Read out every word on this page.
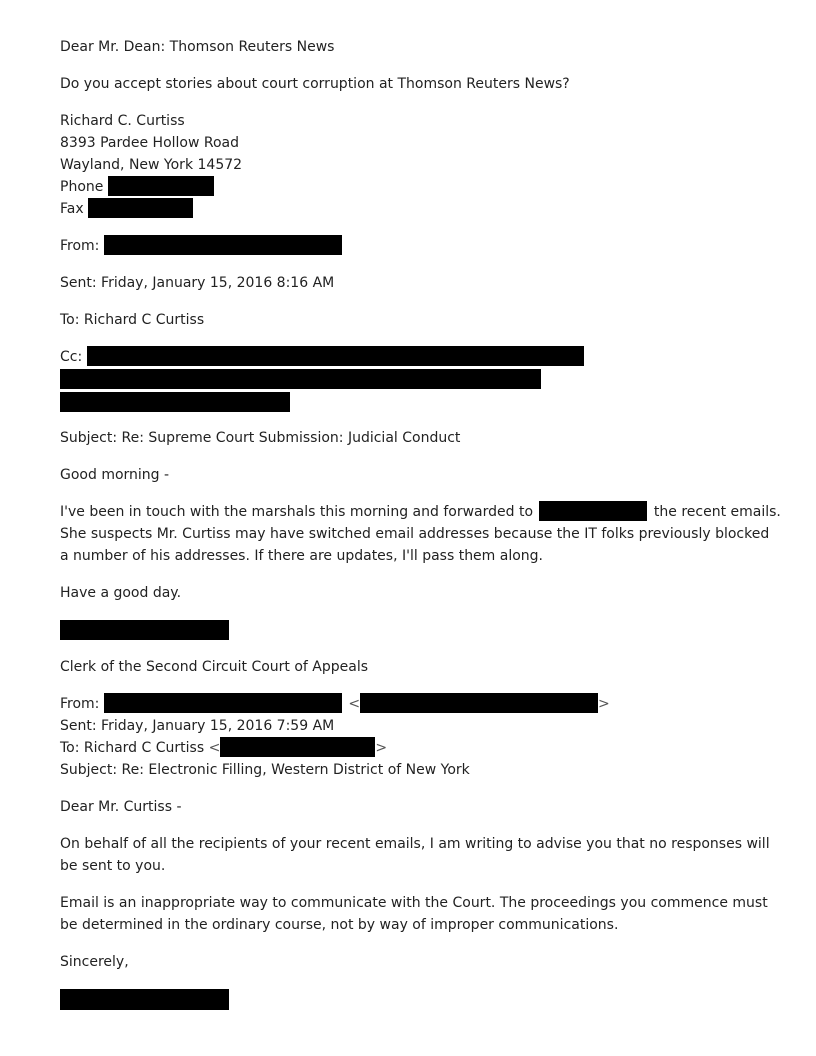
Dear Mr. Dean: Thomson Reuters News
Do you accept stories about court corruption at Thomson Reuters News?
Richard C. Curtiss
8393 Pardee Hollow Road
Wayland, New York 14572
Phone
Fax
From:
Sent: Friday, January 15, 2016 8:16 AM
To: Richard C Curtiss
Cc:
Subject: Re: Supreme Court Submission: Judicial Conduct
Good morning -
I've been in touch with the marshals this morning and forwarded to	the recent emails.
She suspects Mr. Curtiss may have switched email addresses because the IT folks previously blocked
a number of his addresses. If there are updates, I'll pass them along.
Have a good day.
Clerk of the Second Circuit Court of Appeals
From:	<	>
Sent: Friday, January 15, 2016 7:59 AM
To: Richard C Curtiss <	>
Subject: Re: Electronic Filling, Western District of New York
Dear Mr. Curtiss -
On behalf of all the recipients of your recent emails, I am writing to advise you that no responses will
be sent to you.
Email is an inappropriate way to communicate with the Court. The proceedings you commence must
be determined in the ordinary course, not by way of improper communications.
Sincerely,
